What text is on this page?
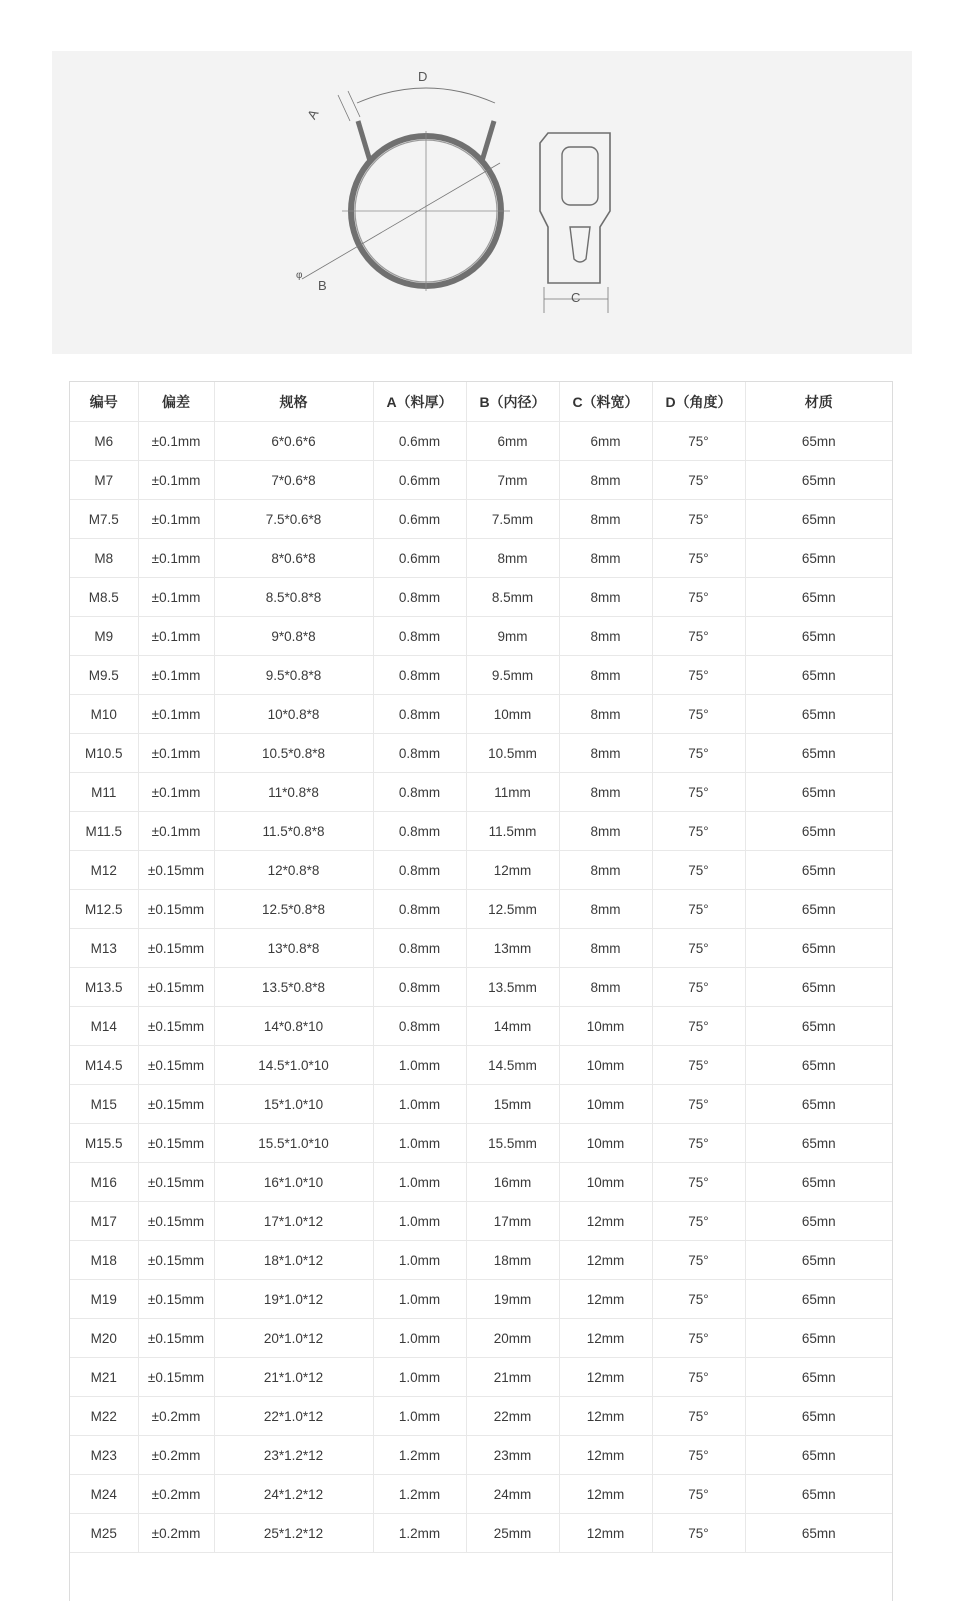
D
A
φ
B
C
编号	偏差	规格	A（料厚）	B（内径）	C（料宽）	D（角度）	材质
M6	±0.1mm	6*0.6*6	0.6mm	6mm	6mm	75°	65mn
M7	±0.1mm	7*0.6*8	0.6mm	7mm	8mm	75°	65mn
M7.5	±0.1mm	7.5*0.6*8	0.6mm	7.5mm	8mm	75°	65mn
M8	±0.1mm	8*0.6*8	0.6mm	8mm	8mm	75°	65mn
M8.5	±0.1mm	8.5*0.8*8	0.8mm	8.5mm	8mm	75°	65mn
M9	±0.1mm	9*0.8*8	0.8mm	9mm	8mm	75°	65mn
M9.5	±0.1mm	9.5*0.8*8	0.8mm	9.5mm	8mm	75°	65mn
M10	±0.1mm	10*0.8*8	0.8mm	10mm	8mm	75°	65mn
M10.5	±0.1mm	10.5*0.8*8	0.8mm	10.5mm	8mm	75°	65mn
M11	±0.1mm	11*0.8*8	0.8mm	11mm	8mm	75°	65mn
M11.5	±0.1mm	11.5*0.8*8	0.8mm	11.5mm	8mm	75°	65mn
M12	±0.15mm	12*0.8*8	0.8mm	12mm	8mm	75°	65mn
M12.5	±0.15mm	12.5*0.8*8	0.8mm	12.5mm	8mm	75°	65mn
M13	±0.15mm	13*0.8*8	0.8mm	13mm	8mm	75°	65mn
M13.5	±0.15mm	13.5*0.8*8	0.8mm	13.5mm	8mm	75°	65mn
M14	±0.15mm	14*0.8*10	0.8mm	14mm	10mm	75°	65mn
M14.5	±0.15mm	14.5*1.0*10	1.0mm	14.5mm	10mm	75°	65mn
M15	±0.15mm	15*1.0*10	1.0mm	15mm	10mm	75°	65mn
M15.5	±0.15mm	15.5*1.0*10	1.0mm	15.5mm	10mm	75°	65mn
M16	±0.15mm	16*1.0*10	1.0mm	16mm	10mm	75°	65mn
M17	±0.15mm	17*1.0*12	1.0mm	17mm	12mm	75°	65mn
M18	±0.15mm	18*1.0*12	1.0mm	18mm	12mm	75°	65mn
M19	±0.15mm	19*1.0*12	1.0mm	19mm	12mm	75°	65mn
M20	±0.15mm	20*1.0*12	1.0mm	20mm	12mm	75°	65mn
M21	±0.15mm	21*1.0*12	1.0mm	21mm	12mm	75°	65mn
M22	±0.2mm	22*1.0*12	1.0mm	22mm	12mm	75°	65mn
M23	±0.2mm	23*1.2*12	1.2mm	23mm	12mm	75°	65mn
M24	±0.2mm	24*1.2*12	1.2mm	24mm	12mm	75°	65mn
M25	±0.2mm	25*1.2*12	1.2mm	25mm	12mm	75°	65mn
